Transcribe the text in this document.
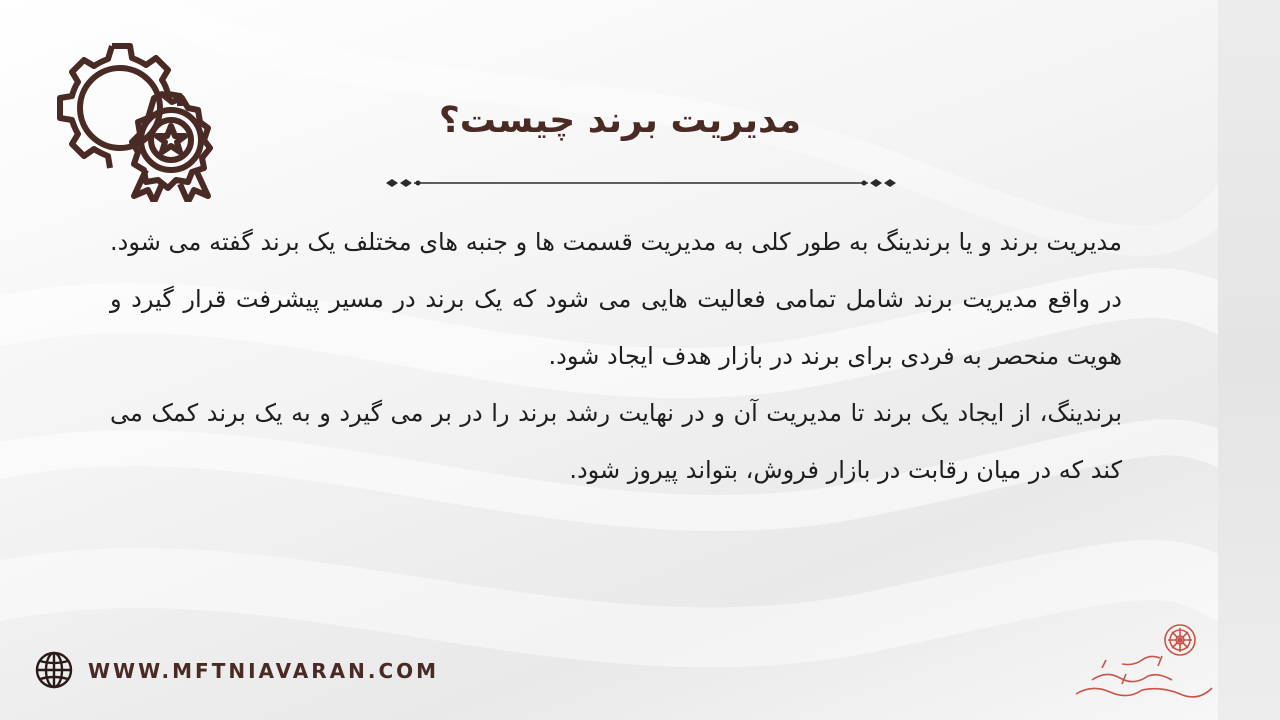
مدیریت برند چیست؟

مدیریت برند و یا برندینگ به طور کلی به مدیریت قسمت ها و جنبه های مختلف یک برند گفته می شود. در واقع مدیریت برند شامل تمامی فعالیت هایی می شود که یک برند در مسیر پیشرفت قرار گیرد و هویت منحصر به فردی برای برند در بازار هدف ایجاد شود.

برندینگ، از ایجاد یک برند تا مدیریت آن و در نهایت رشد برند را در بر می گیرد و به یک برند کمک می کند که در میان رقابت در بازار فروش، بتواند پیروز شود.

WWW.MFTNIAVARAN.COM
